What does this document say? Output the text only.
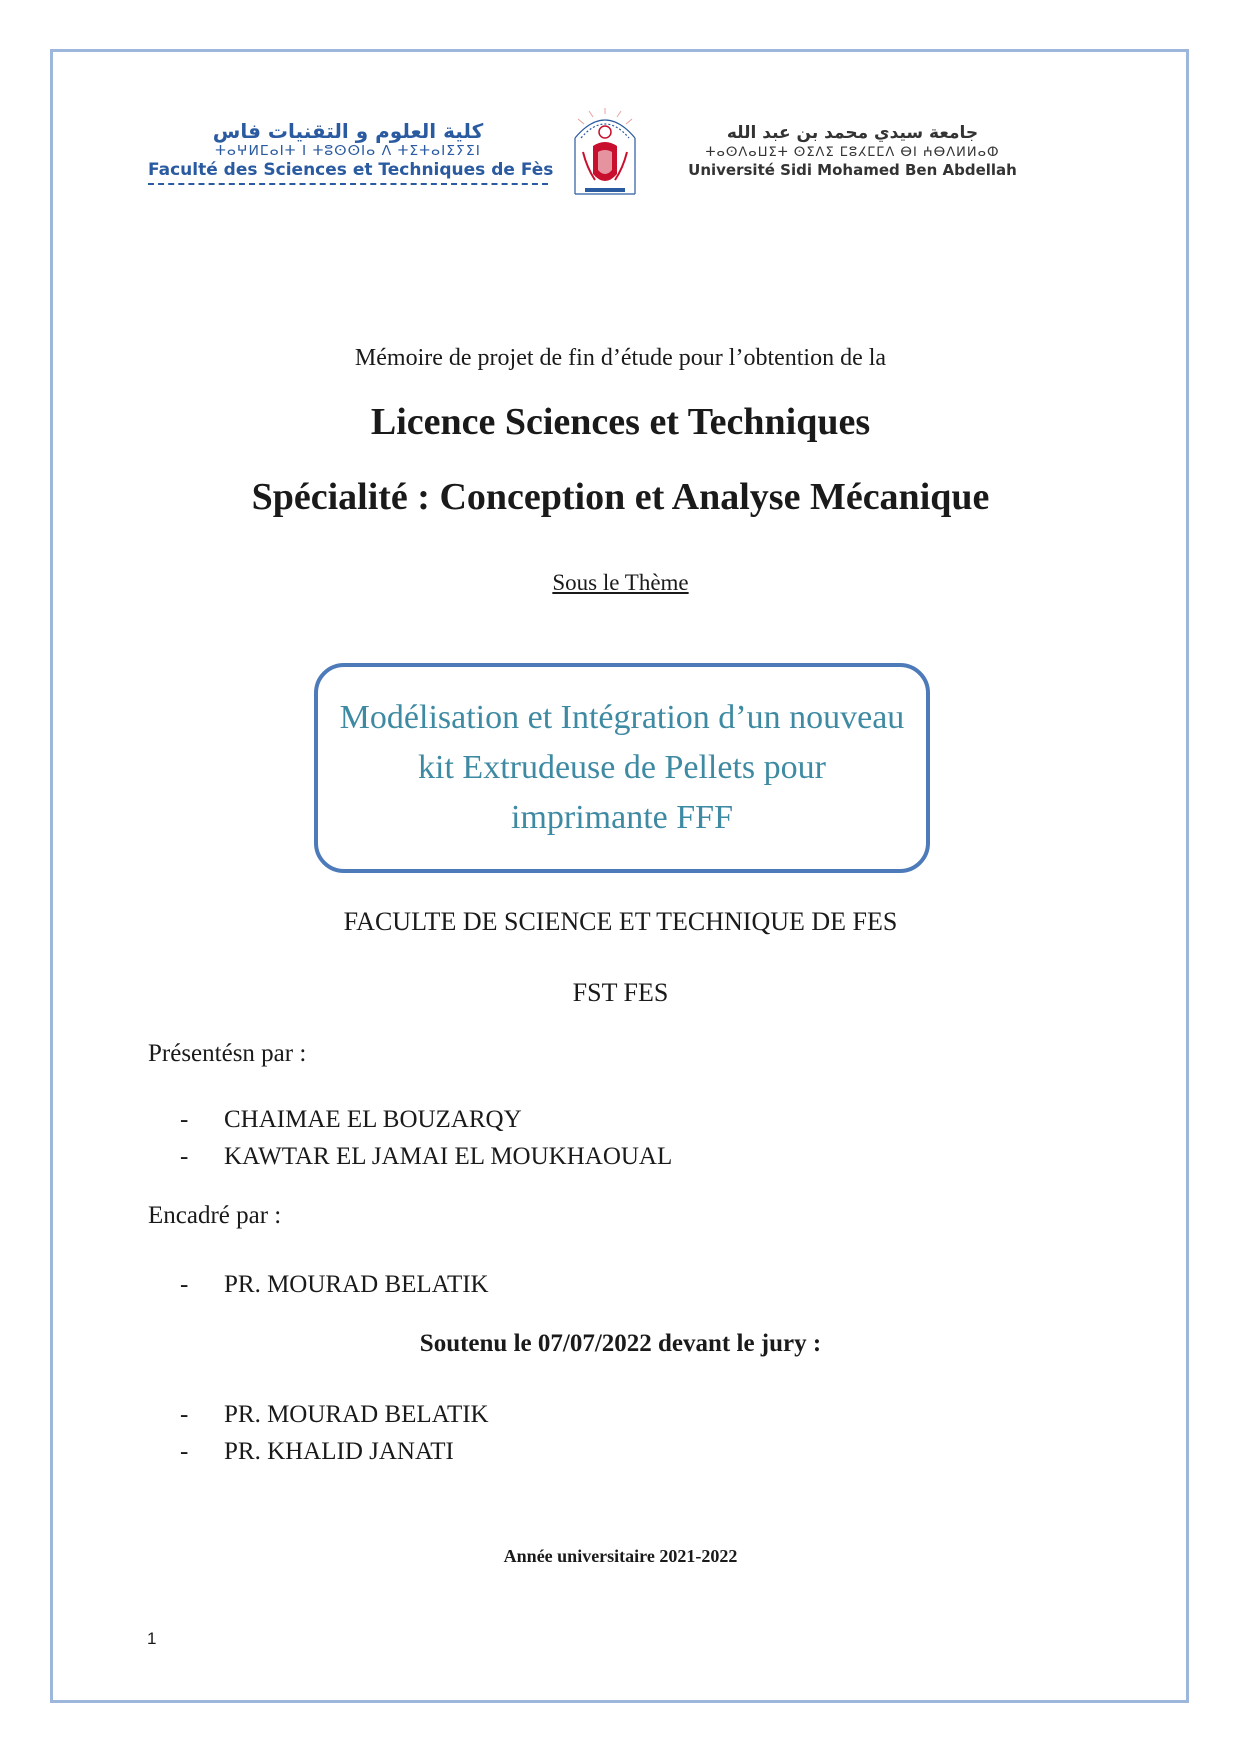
كلية العلوم و التقنيات فاس
ⵜⴰⵖⵍⵎⴰⵏⵜ ⵏ ⵜⵓⵙⵙⵏⴰ ⴷ ⵜⵉⵜⴰⵏⵉⵢⵉⵏ
Faculté des Sciences et Techniques de Fès
جامعة سيدي محمد بن عبد الله
ⵜⴰⵙⴷⴰⵡⵉⵜ ⵙⵉⴷⵉ ⵎⵓⵃⵎⵎⴷ ⴱⵏ ⵄⴱⴷⵍⵍⴰⵀ
Université Sidi Mohamed Ben Abdellah
Mémoire de projet de fin d’étude pour l’obtention de la
Licence Sciences et Techniques
Spécialité : Conception et Analyse Mécanique
Sous le Thème
Modélisation et Intégration d’un nouveau kit Extrudeuse de Pellets pour imprimante FFF
FACULTE DE SCIENCE ET TECHNIQUE DE FES
FST FES
Présentésn par :
- CHAIMAE EL BOUZARQY
- KAWTAR EL JAMAI EL MOUKHAOUAL
Encadré par :
- PR. MOURAD BELATIK
Soutenu le 07/07/2022 devant le jury :
- PR. MOURAD BELATIK
- PR. KHALID JANATI
Année universitaire 2021-2022
1
